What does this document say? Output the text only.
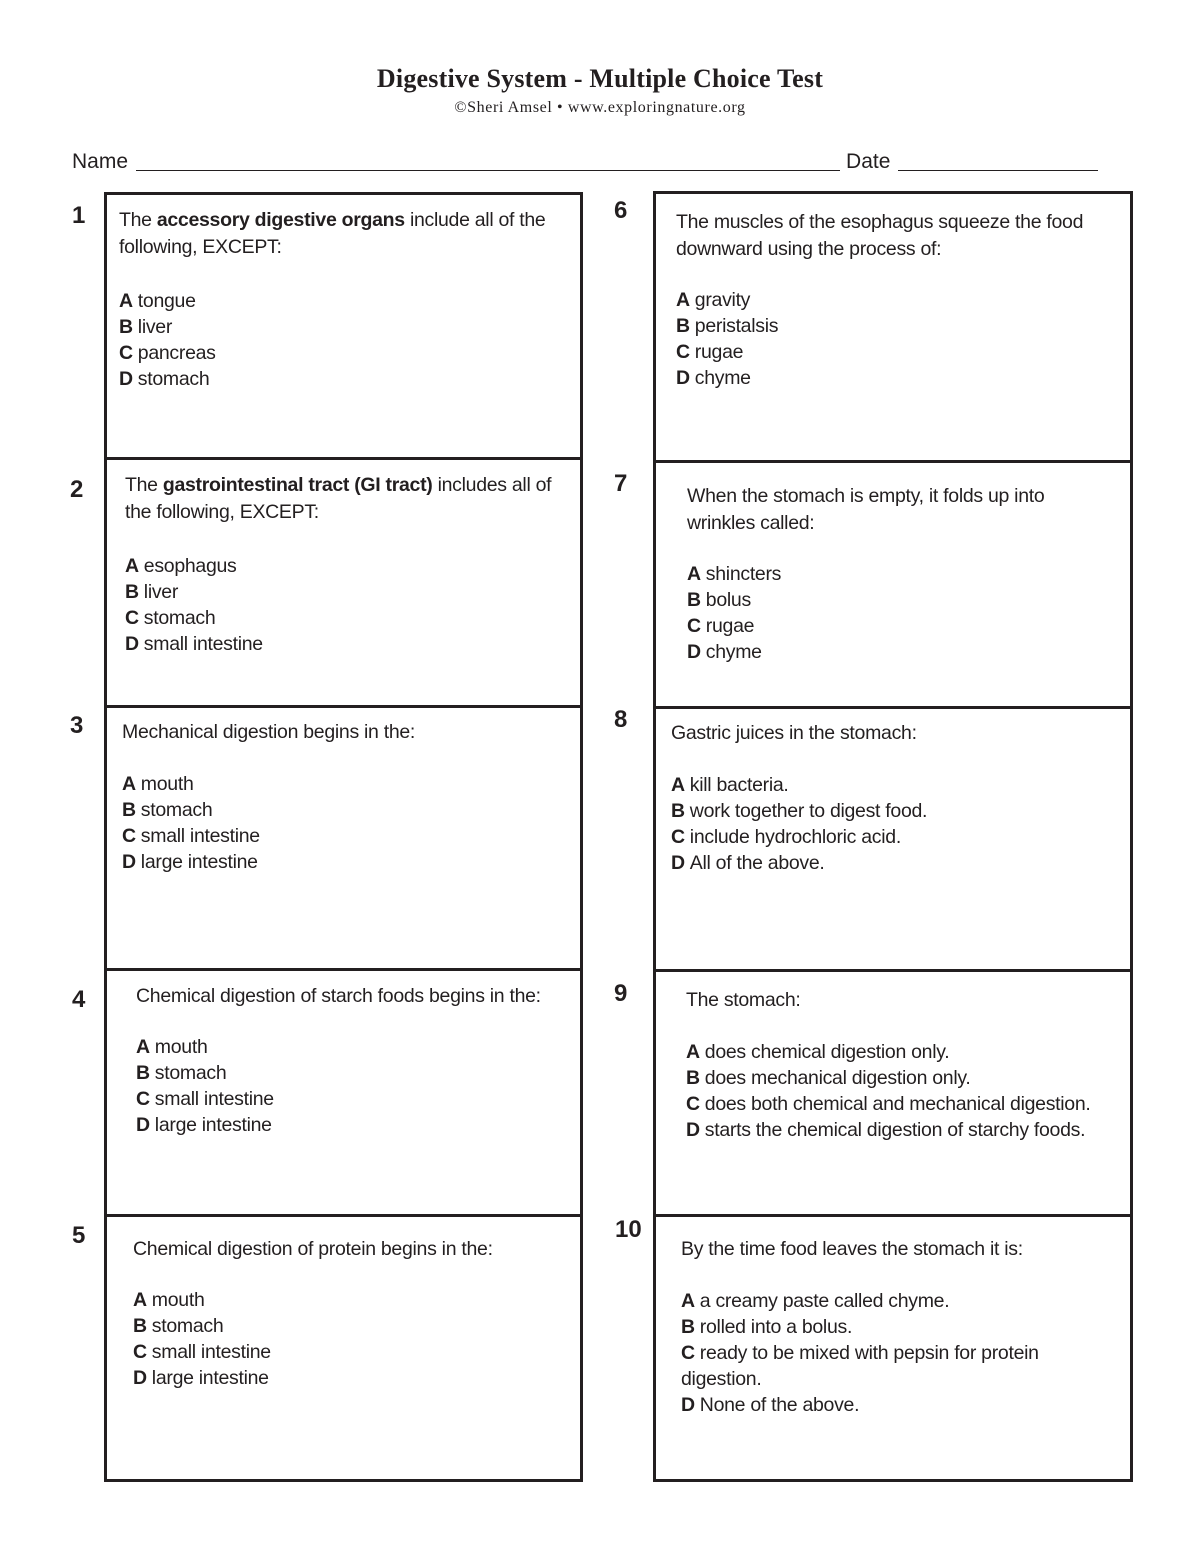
Digestive System - Multiple Choice Test
©Sheri Amsel • www.exploringnature.org
Name	Date
1
2
3
4
5
6
7
8
9
10

The accessory digestive organs include all of the following, EXCEPT:

A tongue

B liver

C pancreas

D stomach

The gastrointestinal tract (GI tract) includes all of the following, EXCEPT:

A esophagus

B liver

C stomach

D small intestine

Mechanical digestion begins in the:

A mouth

B stomach

C small intestine

D large intestine

Chemical digestion of starch foods begins in the:

A mouth

B stomach

C small intestine

D large intestine

Chemical digestion of protein begins in the:

A mouth

B stomach

C small intestine

D large intestine

The muscles of the esophagus squeeze the food downward using the process of:

A gravity

B peristalsis

C rugae

D chyme

When the stomach is empty, it folds up into wrinkles called:

A shincters

B bolus

C rugae

D chyme

Gastric juices in the stomach:

A kill bacteria.

B work together to digest food.

C include hydrochloric acid.

D All of the above.

The stomach:

A does chemical digestion only.

B does mechanical digestion only.

C does both chemical and mechanical digestion.

D starts the chemical digestion of starchy foods.

By the time food leaves the stomach it is:

A a creamy paste called chyme.

B rolled into a bolus.

C ready to be mixed with pepsin for protein digestion.

D None of the above.
